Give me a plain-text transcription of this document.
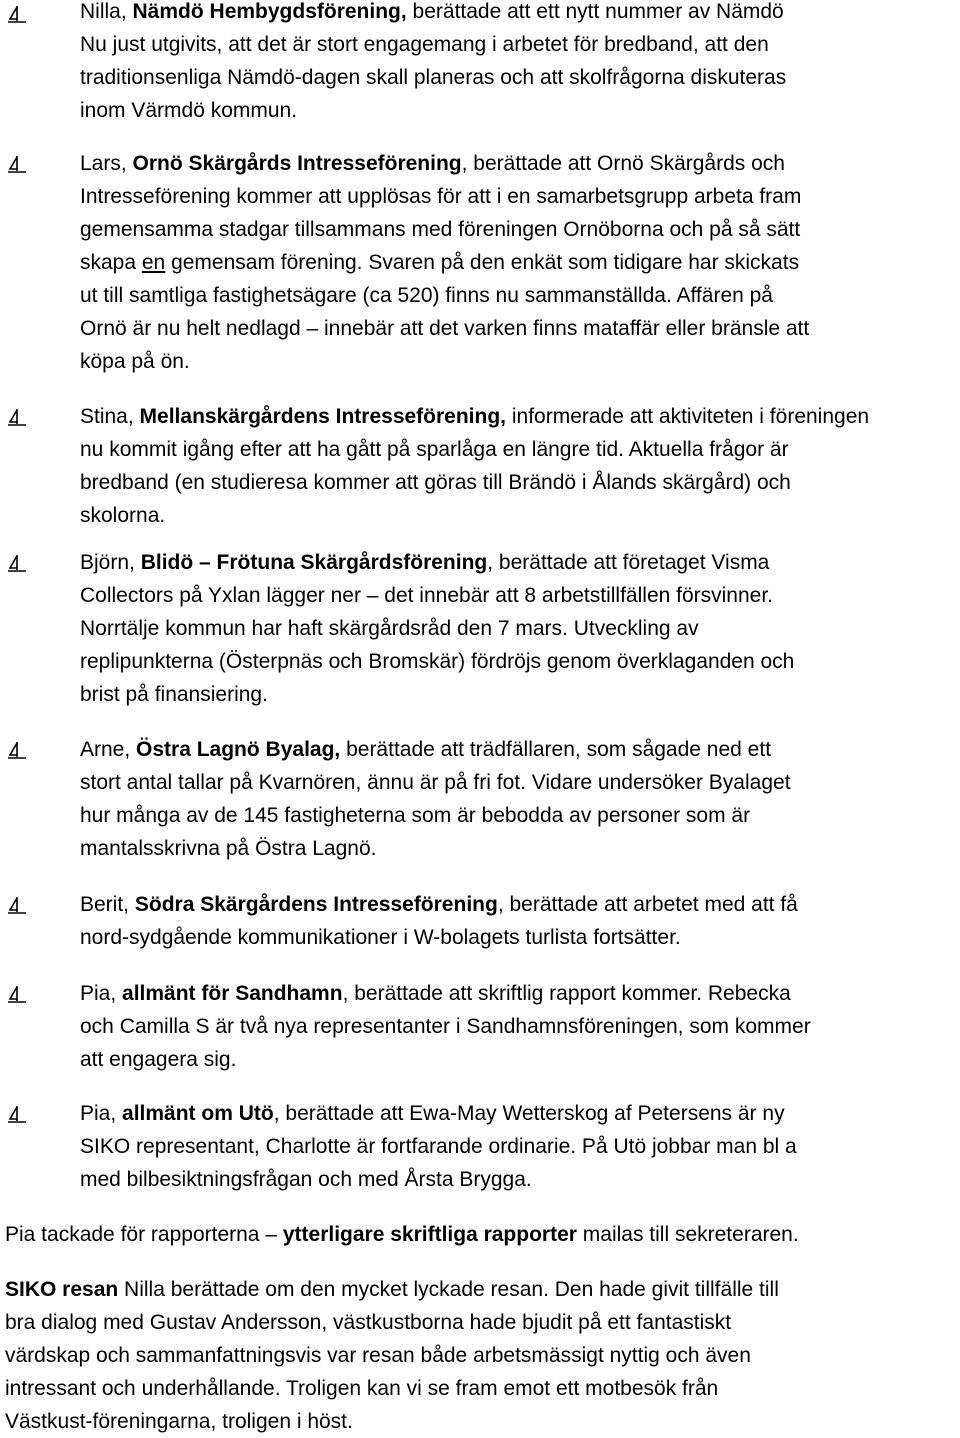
Nilla, Nämdö Hembygdsförening, berättade att ett nytt nummer av Nämdö
Nu just utgivits, att det är stort engagemang i arbetet för bredband, att den
traditionsenliga Nämdö-dagen skall planeras och att skolfrågorna diskuteras
inom Värmdö kommun.
Lars, Ornö Skärgårds Intresseförening, berättade att Ornö Skärgårds och
Intresseförening kommer att upplösas för att i en samarbetsgrupp arbeta fram
gemensamma stadgar tillsammans med föreningen Ornöborna och på så sätt
skapa en gemensam förening. Svaren på den enkät som tidigare har skickats
ut till samtliga fastighetsägare (ca 520) finns nu sammanställda. Affären på
Ornö är nu helt nedlagd – innebär att det varken finns mataffär eller bränsle att
köpa på ön.
Stina, Mellanskärgårdens Intresseförening, informerade att aktiviteten i föreningen
nu kommit igång efter att ha gått på sparlåga en längre tid. Aktuella frågor är
bredband (en studieresa kommer att göras till Brändö i Ålands skärgård) och
skolorna.
Björn, Blidö – Frötuna Skärgårdsförening, berättade att företaget Visma
Collectors på Yxlan lägger ner – det innebär att 8 arbetstillfällen försvinner.
Norrtälje kommun har haft skärgårdsråd den 7 mars. Utveckling av
replipunkterna (Österpnäs och Bromskär) fördröjs genom överklaganden och
brist på finansiering.
Arne, Östra Lagnö Byalag, berättade att trädfällaren, som sågade ned ett
stort antal tallar på Kvarnören, ännu är på fri fot. Vidare undersöker Byalaget
hur många av de 145 fastigheterna som är bebodda av personer som är
mantalsskrivna på Östra Lagnö.
Berit, Södra Skärgårdens Intresseförening, berättade att arbetet med att få
nord-sydgående kommunikationer i W-bolagets turlista fortsätter.
Pia, allmänt för Sandhamn, berättade att skriftlig rapport kommer. Rebecka
och Camilla S är två nya representanter i Sandhamnsföreningen, som kommer
att engagera sig.
Pia, allmänt om Utö, berättade att Ewa-May Wetterskog af Petersens är ny
SIKO representant, Charlotte är fortfarande ordinarie. På Utö jobbar man bl a
med bilbesiktningsfrågan och med Årsta Brygga.
Pia tackade för rapporterna – ytterligare skriftliga rapporter mailas till sekreteraren.
SIKO resan Nilla berättade om den mycket lyckade resan. Den hade givit tillfälle till
bra dialog med Gustav Andersson, västkustborna hade bjudit på ett fantastiskt
värdskap och sammanfattningsvis var resan både arbetsmässigt nyttig och även
intressant och underhållande. Troligen kan vi se fram emot ett motbesök från
Västkust-föreningarna, troligen i höst.
